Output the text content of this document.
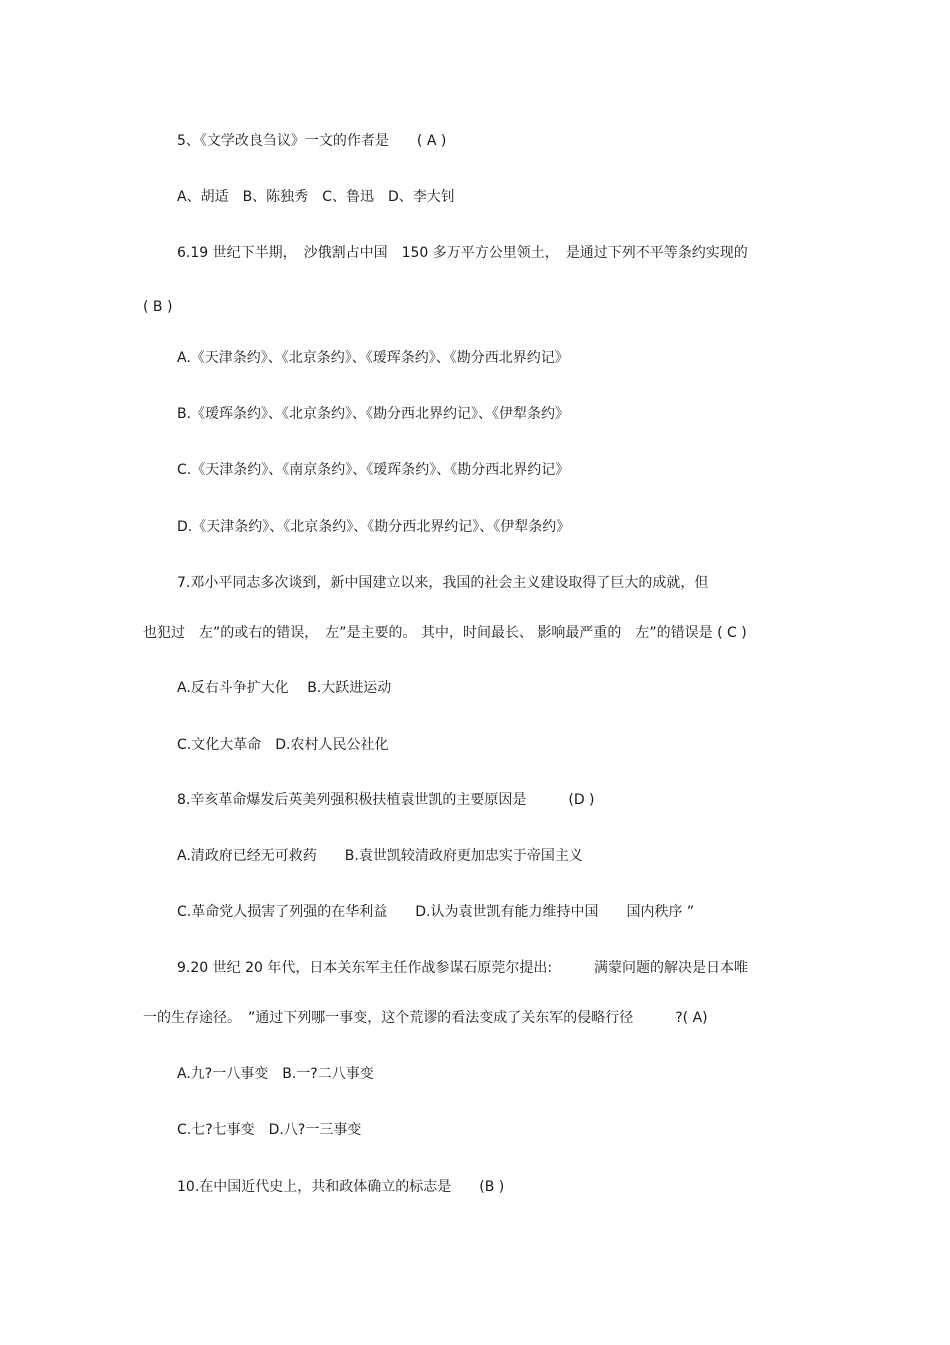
5、《文学改良刍议》一文的作者是　　( A )
A、胡适　B、陈独秀　C、鲁迅　D、李大钊
6.19 世纪下半期，　沙俄割占中国　150 多万平方公里领土，　是通过下列不平等条约实现的
( B )
A.《天津条约》、《北京条约》、《瑷珲条约》、《勘分西北界约记》
B.《瑷珲条约》、《北京条约》、《勘分西北界约记》、《伊犁条约》
C.《天津条约》、《南京条约》、《瑷珲条约》、《勘分西北界约记》
D.《天津条约》、《北京条约》、《勘分西北界约记》、《伊犁条约》
7.邓小平同志多次谈到，新中国建立以来，我国的社会主义建设取得了巨大的成就，但
也犯过　左”的或右的错误，　左”是主要的。 其中，时间最长、 影响最严重的　左”的错误是 ( C )
A.反右斗争扩大化　 B.大跃进运动
C.文化大革命　D.农村人民公社化
8.辛亥革命爆发后英美列强积极扶植袁世凯的主要原因是　　　(D )
A.清政府已经无可救药　　B.袁世凯较清政府更加忠实于帝国主义
C.革命党人损害了列强的在华利益　　D.认为袁世凯有能力维持中国　　国内秩序 ”
9.20 世纪 20 年代，日本关东军主任作战参谋石原莞尔提出:　　　满蒙问题的解决是日本唯
一的生存途径。　”通过下列哪一事变，这个荒谬的看法变成了关东军的侵略行径　　　?( A)
A.九?一八事变　B.一?二八事变
C.七?七事变　D.八?一三事变
10.在中国近代史上，共和政体确立的标志是　　(B )
